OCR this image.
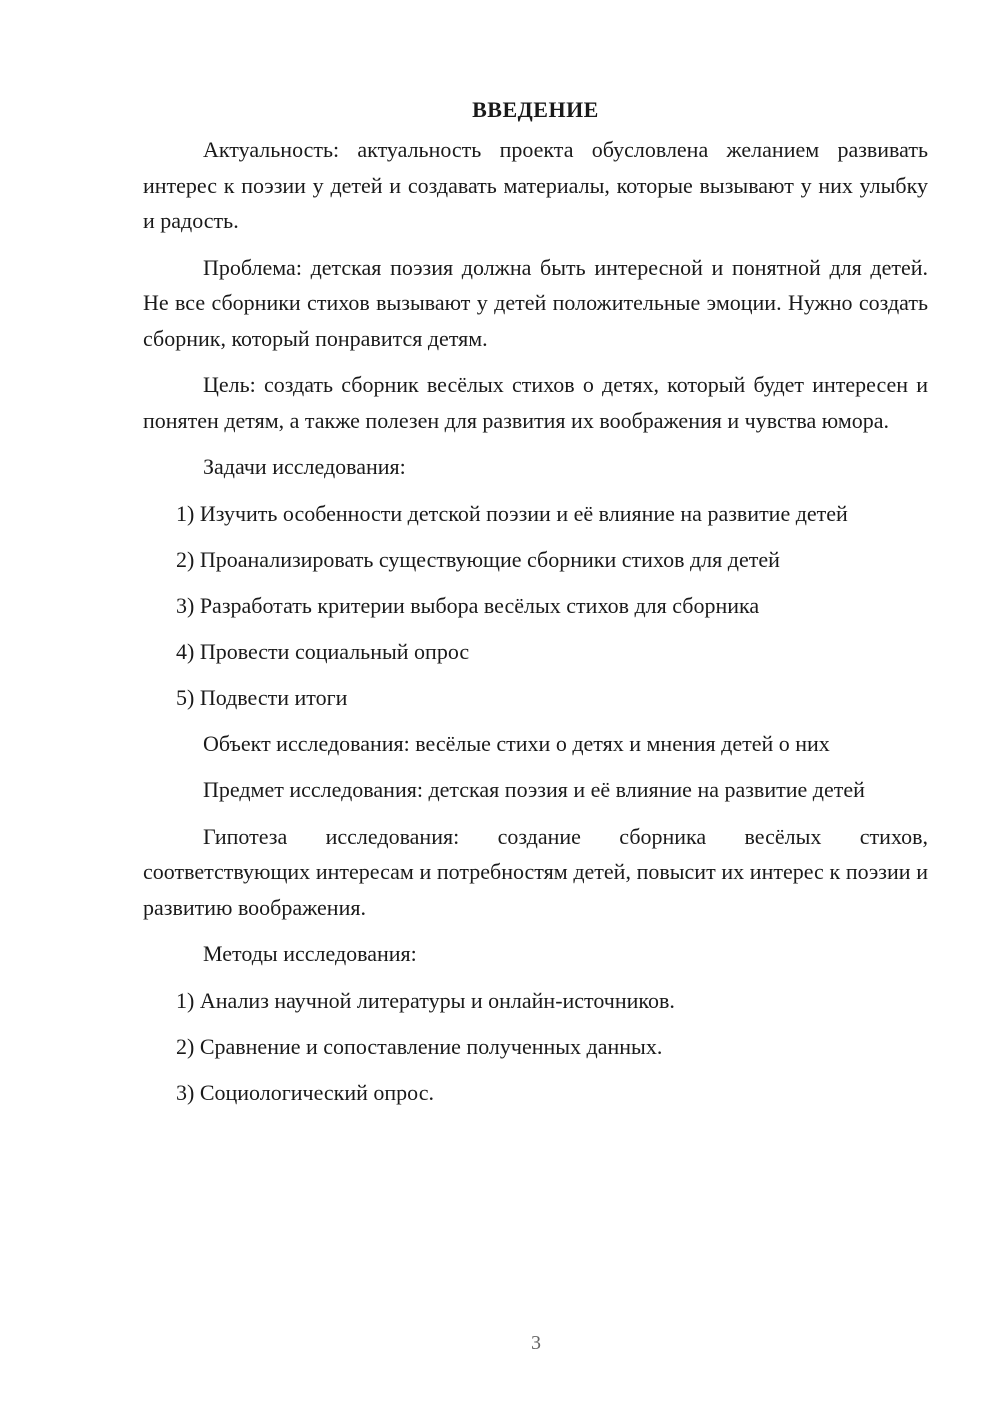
ВВЕДЕНИЕ

Актуальность: актуальность проекта обусловлена желанием развивать интерес к поэзии у детей и создавать материалы, которые вызывают у них улыбку и радость.

Проблема: детская поэзия должна быть интересной и понятной для детей. Не все сборники стихов вызывают у детей положительные эмоции. Нужно создать сборник, который понравится детям.

Цель: создать сборник весёлых стихов о детях, который будет интересен и понятен детям, а также полезен для развития их воображения и чувства юмора.

Задачи исследования:

1) Изучить особенности детской поэзии и её влияние на развитие детей
2) Проанализировать существующие сборники стихов для детей
3) Разработать критерии выбора весёлых стихов для сборника
4) Провести социальный опрос
5) Подвести итоги

Объект исследования: весёлые стихи о детях и мнения детей о них

Предмет исследования: детская поэзия и её влияние на развитие детей

Гипотеза исследования: создание сборника весёлых стихов, соответствующих интересам и потребностям детей, повысит их интерес к поэзии и развитию воображения.

Методы исследования:

1) Анализ научной литературы и онлайн-источников.
2) Сравнение и сопоставление полученных данных.
3) Социологический опрос.
3
